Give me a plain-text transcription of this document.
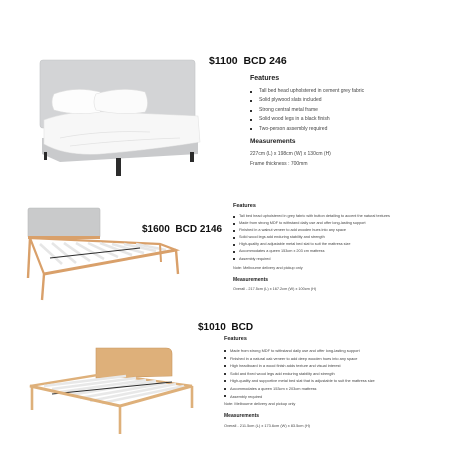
$1100 BCD 246
Features
Tall bed head upholstered in cement grey fabric
Solid plywood slats included
Strong central metal frame
Solid wood legs in a black finish
Two-person assembly required
Measurements
227cm (L) x 198cm (W) x 130cm (H)
Frame thickness : 700mm
$1600 BCD 2146
Features
Tall bed head upholstered in grey fabric with button detailing to accent the natural textures
Made from strong MDF to withstand daily use and offer long-lasting support
Finished in a walnut veneer to add wooden hues into any space
Solid wood legs add enduring stability and strength
High-quality and adjustable metal bed slat to suit the mattress size
Accommodates a queen 153cm x 203 cm mattress
Assembly required
Note: Melbourne delivery and pickup only
Measurements
Overall - 217.5cm (L) x 167.2cm (W) x 100cm (H)
$1010 BCD
Features
Made from strong MDF to withstand daily use and offer long-lasting support
Finished in a natural oak veneer to add deep wooden hues into any space
High headboard in a wood finish adds texture and visual interest
Solid and fixed wood legs add enduring stability and strength
High-quality and supportive metal bed slat that is adjustable to suit the mattress size
Accommodates a queen 153cm x 203cm mattress
Assembly required
Note: Melbourne delivery and pickup only
Measurements
Overall - 211.5cm (L) x 173.6cm (W) x 83.5cm (H)
